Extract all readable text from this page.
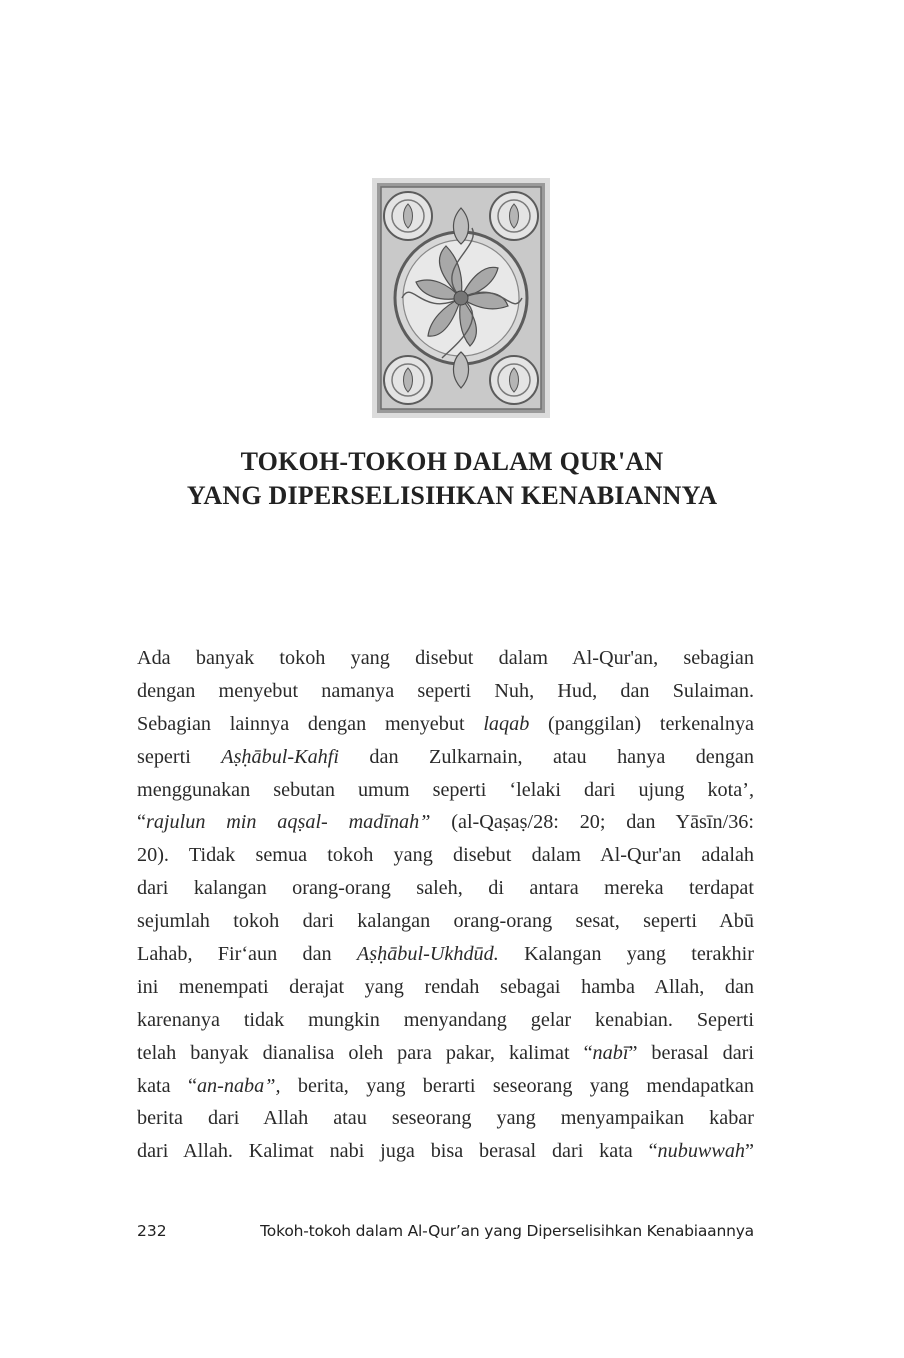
TOKOH-TOKOH DALAM QUR'AN
YANG DIPERSELISIHKAN KENABIANNYA
Ada banyak tokoh yang disebut dalam Al-Qur'an, sebagian
dengan menyebut namanya seperti Nuh, Hud, dan Sulaiman.
Sebagian lainnya dengan menyebut laqab (panggilan) terkenalnya
seperti Aṣḥābul-Kahfi dan Zulkarnain, atau hanya dengan
menggunakan sebutan umum seperti ‘lelaki dari ujung kota’,
“rajulun min aqṣal- madīnah” (al-Qaṣaṣ/28: 20; dan Yāsīn/36:
20). Tidak semua tokoh yang disebut dalam Al-Qur'an adalah
dari kalangan orang-orang saleh, di antara mereka terdapat
sejumlah tokoh dari kalangan orang-orang sesat, seperti Abū
Lahab, Fir‘aun dan Aṣḥābul-Ukhdūd. Kalangan yang terakhir
ini menempati derajat yang rendah sebagai hamba Allah, dan
karenanya tidak mungkin menyandang gelar kenabian. Seperti
telah banyak dianalisa oleh para pakar, kalimat “nabī” berasal dari
kata “an-naba”, berita, yang berarti seseorang yang mendapatkan
berita dari Allah atau seseorang yang menyampaikan kabar
dari Allah. Kalimat nabi juga bisa berasal dari kata “nubuwwah”
232	Tokoh-tokoh dalam Al-Qur’an yang Diperselisihkan Kenabiaannya
